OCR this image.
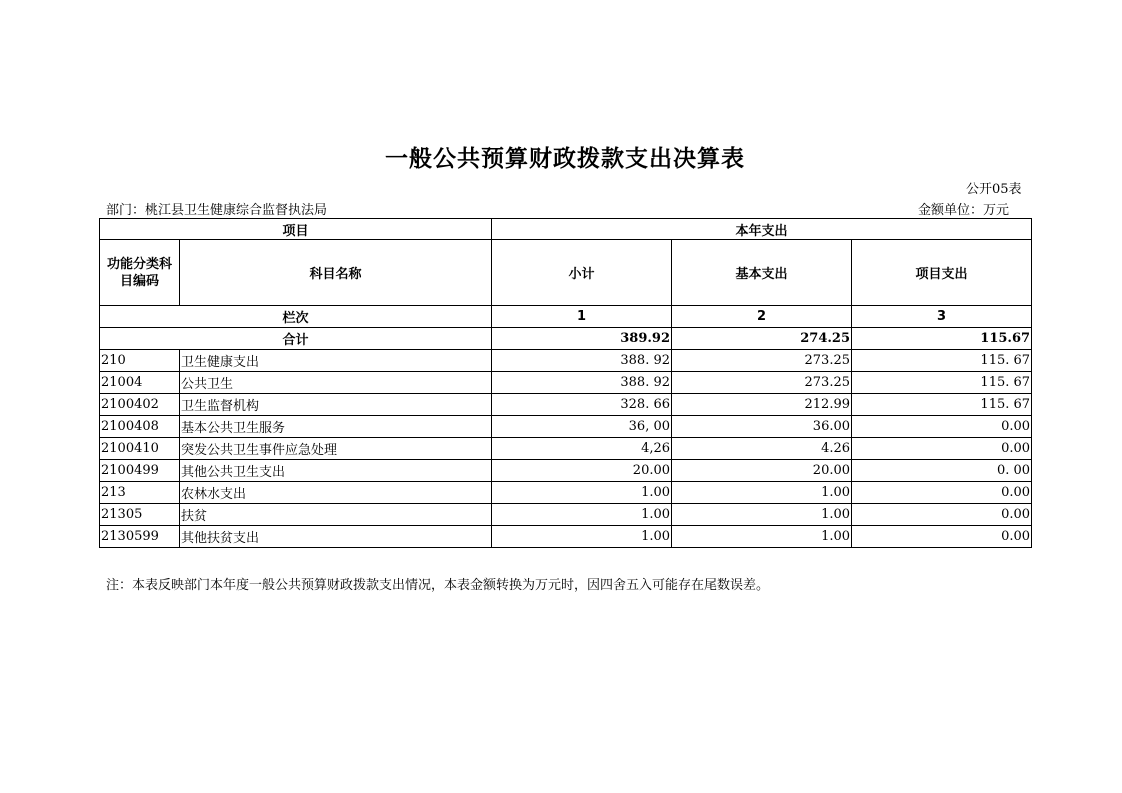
一般公共预算财政拨款支出决算表
公开05表
部门：桃江县卫生健康综合监督执法局	金额单位：万元
项目		本年支出		
功能分类科目编码	科目名称	小计	基本支出	项目支出
栏次		1	2	3
合计		389.92	274.25	115.67
210	卫生健康支出	388. 92	273.25	115. 67
21004	公共卫生	388. 92	273.25	115. 67
2100402	卫生监督机构	328. 66	212.99	115. 67
2100408	基本公共卫生服务	36, 00	36.00	0.00
2100410	突发公共卫生事件应急处理	4,26	4.26	0.00
2100499	其他公共卫生支出	20.00	20.00	0. 00
213	农林水支出	1.00	1.00	0.00
21305	扶贫	1.00	1.00	0.00
2130599	其他扶贫支出	1.00	1.00	0.00
注：本表反映部门本年度一般公共预算财政拨款支出情况，本表金额转换为万元时，因四舍五入可能存在尾数误差。
